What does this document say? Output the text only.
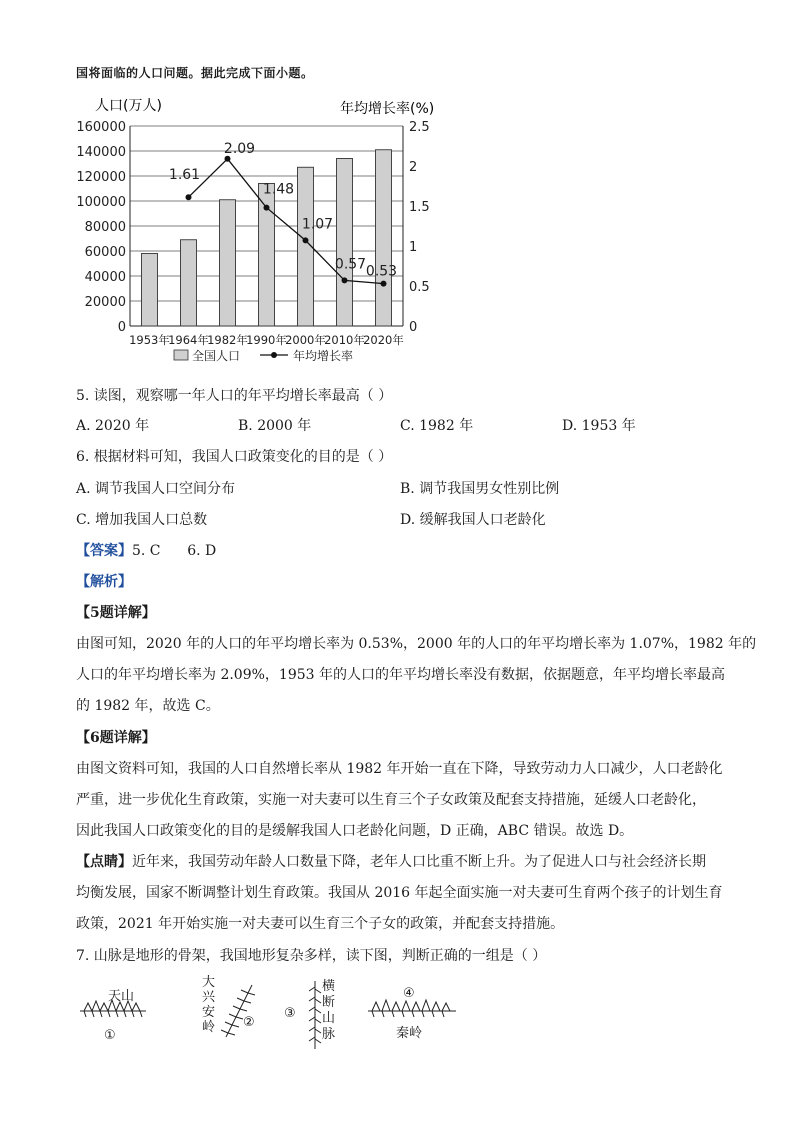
国将面临的人口问题。据此完成下面小题。
人口(万人)	年均增长率(%)
0
20000
40000
60000
80000
100000
120000
140000
160000
0
0.5
1
1.5
2
2.5
1953年
1964年
1982年
1990年
2000年
2010年
2020年
1.61
2.09
1.48
1.07
0.57 0.53
全国人口	年均增长率
5. 读图，观察哪一年人口的年平均增长率最高（ ）
A. 2020 年	B. 2000 年	C. 1982 年	D. 1953 年
6. 根据材料可知，我国人口政策变化的目的是（ ）
A. 调节我国人口空间分布	B. 调节我国男女性别比例
C. 增加我国人口总数	D. 缓解我国人口老龄化
【答案】5. C      6. D
【解析】
【5题详解】
由图可知，2020 年的人口的年平均增长率为 0.53%，2000 年的人口的年平均增长率为 1.07%，1982 年的
人口的年平均增长率为 2.09%，1953 年的人口的年平均增长率没有数据，依据题意，年平均增长率最高
的 1982 年，故选 C。
【6题详解】
由图文资料可知，我国的人口自然增长率从 1982 年开始一直在下降，导致劳动力人口减少，人口老龄化
严重，进一步优化生育政策，实施一对夫妻可以生育三个子女政策及配套支持措施，延缓人口老龄化，
因此我国人口政策变化的目的是缓解我国人口老龄化问题，D 正确，ABC 错误。故选 D。
【点睛】近年来，我国劳动年龄人口数量下降，老年人口比重不断上升。为了促进人口与社会经济长期
均衡发展，国家不断调整计划生育政策。我国从 2016 年起全面实施一对夫妻可生育两个孩子的计划生育
政策，2021 年开始实施一对夫妻可以生育三个子女的政策，并配套支持措施。
7. 山脉是地形的骨架，我国地形复杂多样，读下图，判断正确的一组是（ ）
天山
①
大兴安岭 ②
③
横断山脉
④
秦岭
